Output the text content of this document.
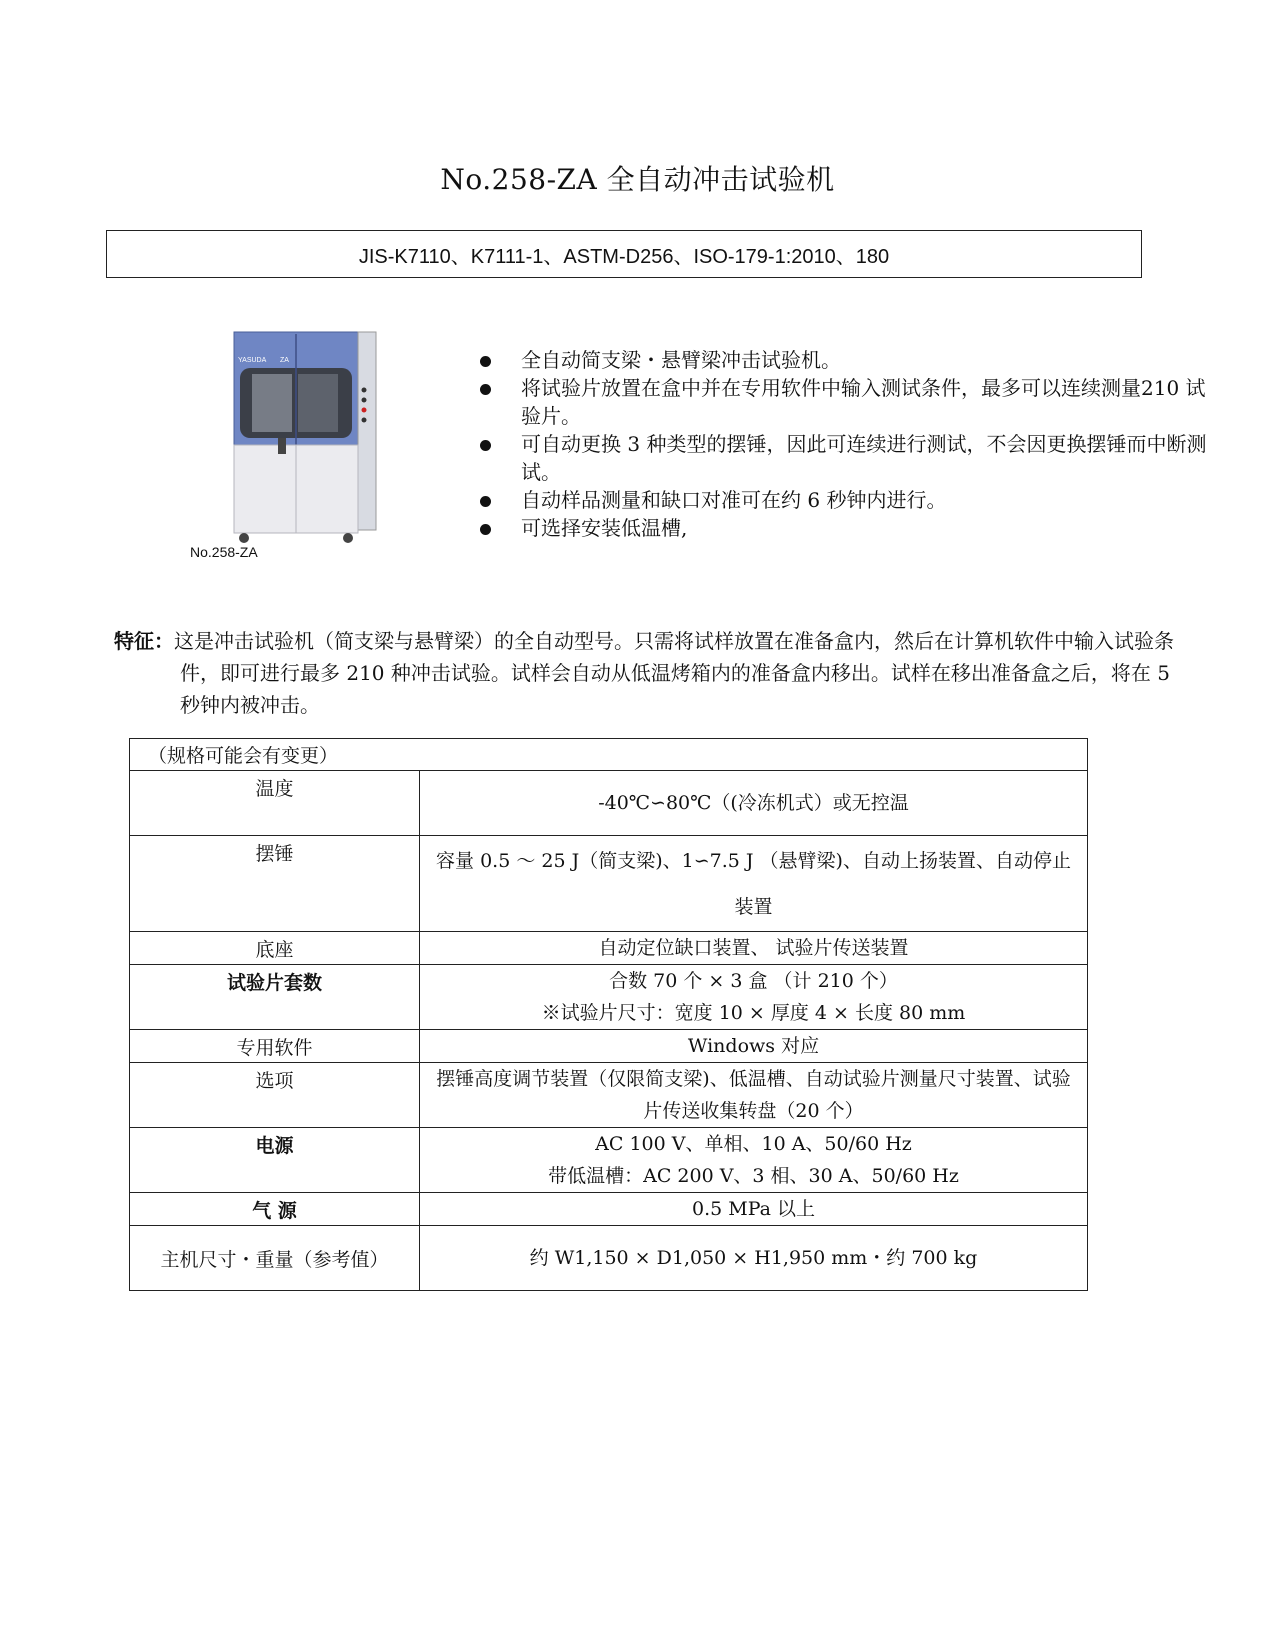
No.258-ZA 全自动冲击试验机
JIS-K7110、K7111-1、ASTM-D256、ISO-179-1:2010、180
YASUDA ZA
No.258-ZA
全自动简支梁・悬臂梁冲击试验机。
将试验片放置在盒中并在专用软件中输入测试条件，最多可以连续测量210 试验片。
可自动更换 3 种类型的摆锤，因此可连续进行测试，不会因更换摆锤而中断测试。
自动样品测量和缺口对准可在约 6 秒钟内进行。
可选择安装低温槽,
特征：这是冲击试验机（简支梁与悬臂梁）的全自动型号。只需将试样放置在准备盒内，然后在计算机软件中输入试验条件，即可进行最多 210 种冲击试验。试样会自动从低温烤箱内的准备盒内移出。试样在移出准备盒之后，将在 5 秒钟内被冲击。
（规格可能会有变更）	
温度	-40℃∽80℃（(冷冻机式）或无控温
摆锤	容量 0.5 ～ 25 J（简支梁)、1∽7.5 J （悬臂梁)、自动上扬装置、自动停止装置
底座	自动定位缺口装置、 试验片传送装置
试验片套数	合数 70 个 × 3 盒 （计 210 个）
※试验片尺寸：宽度 10 × 厚度 4 × 长度 80 mm

专用软件	Windows 对应
选项	摆锤高度调节装置（仅限简支梁)、低温槽、自动试验片测量尺寸装置、试验片传送收集转盘（20 个）
电源	AC 100 V、单相、10 A、50/60 Hz
带低温槽：AC 200 V、3 相、30 A、50/60 Hz

气 源	0.5 MPa 以上
主机尺寸・重量（参考值）	约 W1,150 × D1,050 × H1,950 mm・约 700 kg
